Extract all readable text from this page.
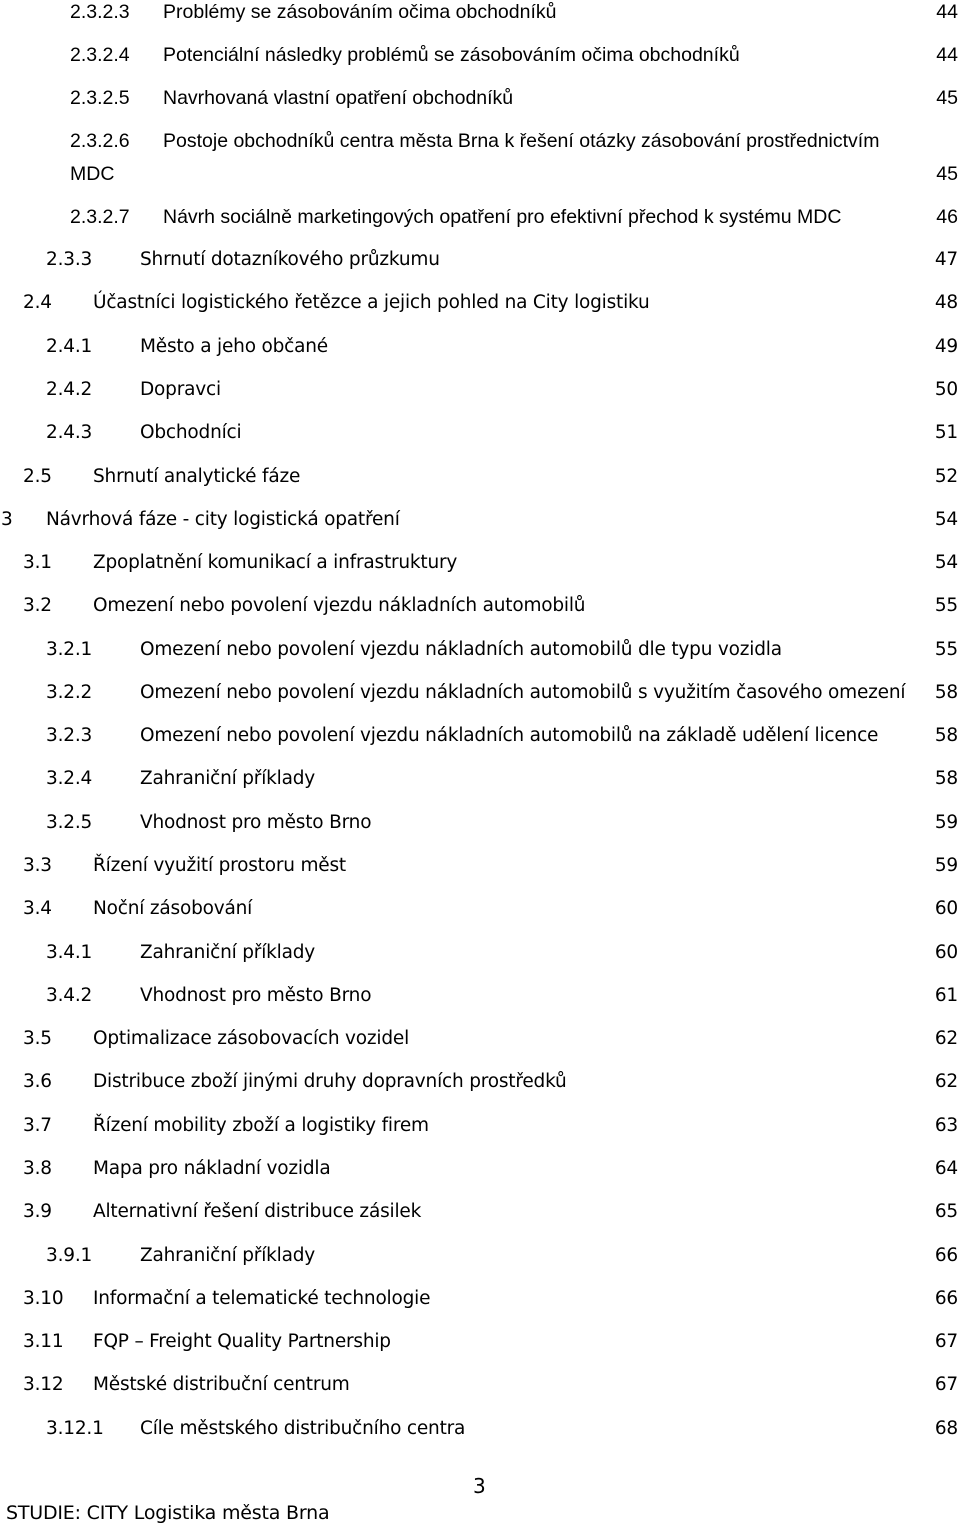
2.3.2.3 Problémy se zásobováním očima obchodníků	44
2.3.2.4 Potenciální následky problémů se zásobováním očima obchodníků	44
2.3.2.5 Navrhovaná vlastní opatření obchodníků	45
2.3.2.6 Postoje obchodníků centra města Brna k řešení otázky zásobování prostřednictvím
MDC	45
2.3.2.7 Návrh sociálně marketingových opatření pro efektivní přechod k systému MDC	46
2.3.3	Shrnutí dotazníkového průzkumu	47
2.4 Účastníci logistického řetězce a jejich pohled na City logistiku	48
2.4.1	Město a jeho občané	49
2.4.2	Dopravci	50
2.4.3	Obchodníci	51
2.5 Shrnutí analytické fáze	52
3 Návrhová fáze - city logistická opatření	54
3.1 Zpoplatnění komunikací a infrastruktury	54
3.2 Omezení nebo povolení vjezdu nákladních automobilů	55
3.2.1	Omezení nebo povolení vjezdu nákladních automobilů dle typu vozidla	55
3.2.2	Omezení nebo povolení vjezdu nákladních automobilů s využitím časového omezení 58
3.2.3	Omezení nebo povolení vjezdu nákladních automobilů na základě udělení licence	58
3.2.4	Zahraniční příklady	58
3.2.5	Vhodnost pro město Brno	59
3.3 Řízení využití prostoru měst	59
3.4 Noční zásobování	60
3.4.1	Zahraniční příklady	60
3.4.2	Vhodnost pro město Brno	61
3.5 Optimalizace zásobovacích vozidel	62
3.6 Distribuce zboží jinými druhy dopravních prostředků	62
3.7 Řízení mobility zboží a logistiky firem	63
3.8 Mapa pro nákladní vozidla	64
3.9 Alternativní řešení distribuce zásilek	65
3.9.1	Zahraniční příklady	66
3.10 Informační a telematické technologie	66
3.11 FQP – Freight Quality Partnership	67
3.12 Městské distribuční centrum	67
3.12.1 Cíle městského distribučního centra	68
3
STUDIE: CITY Logistika města Brna
